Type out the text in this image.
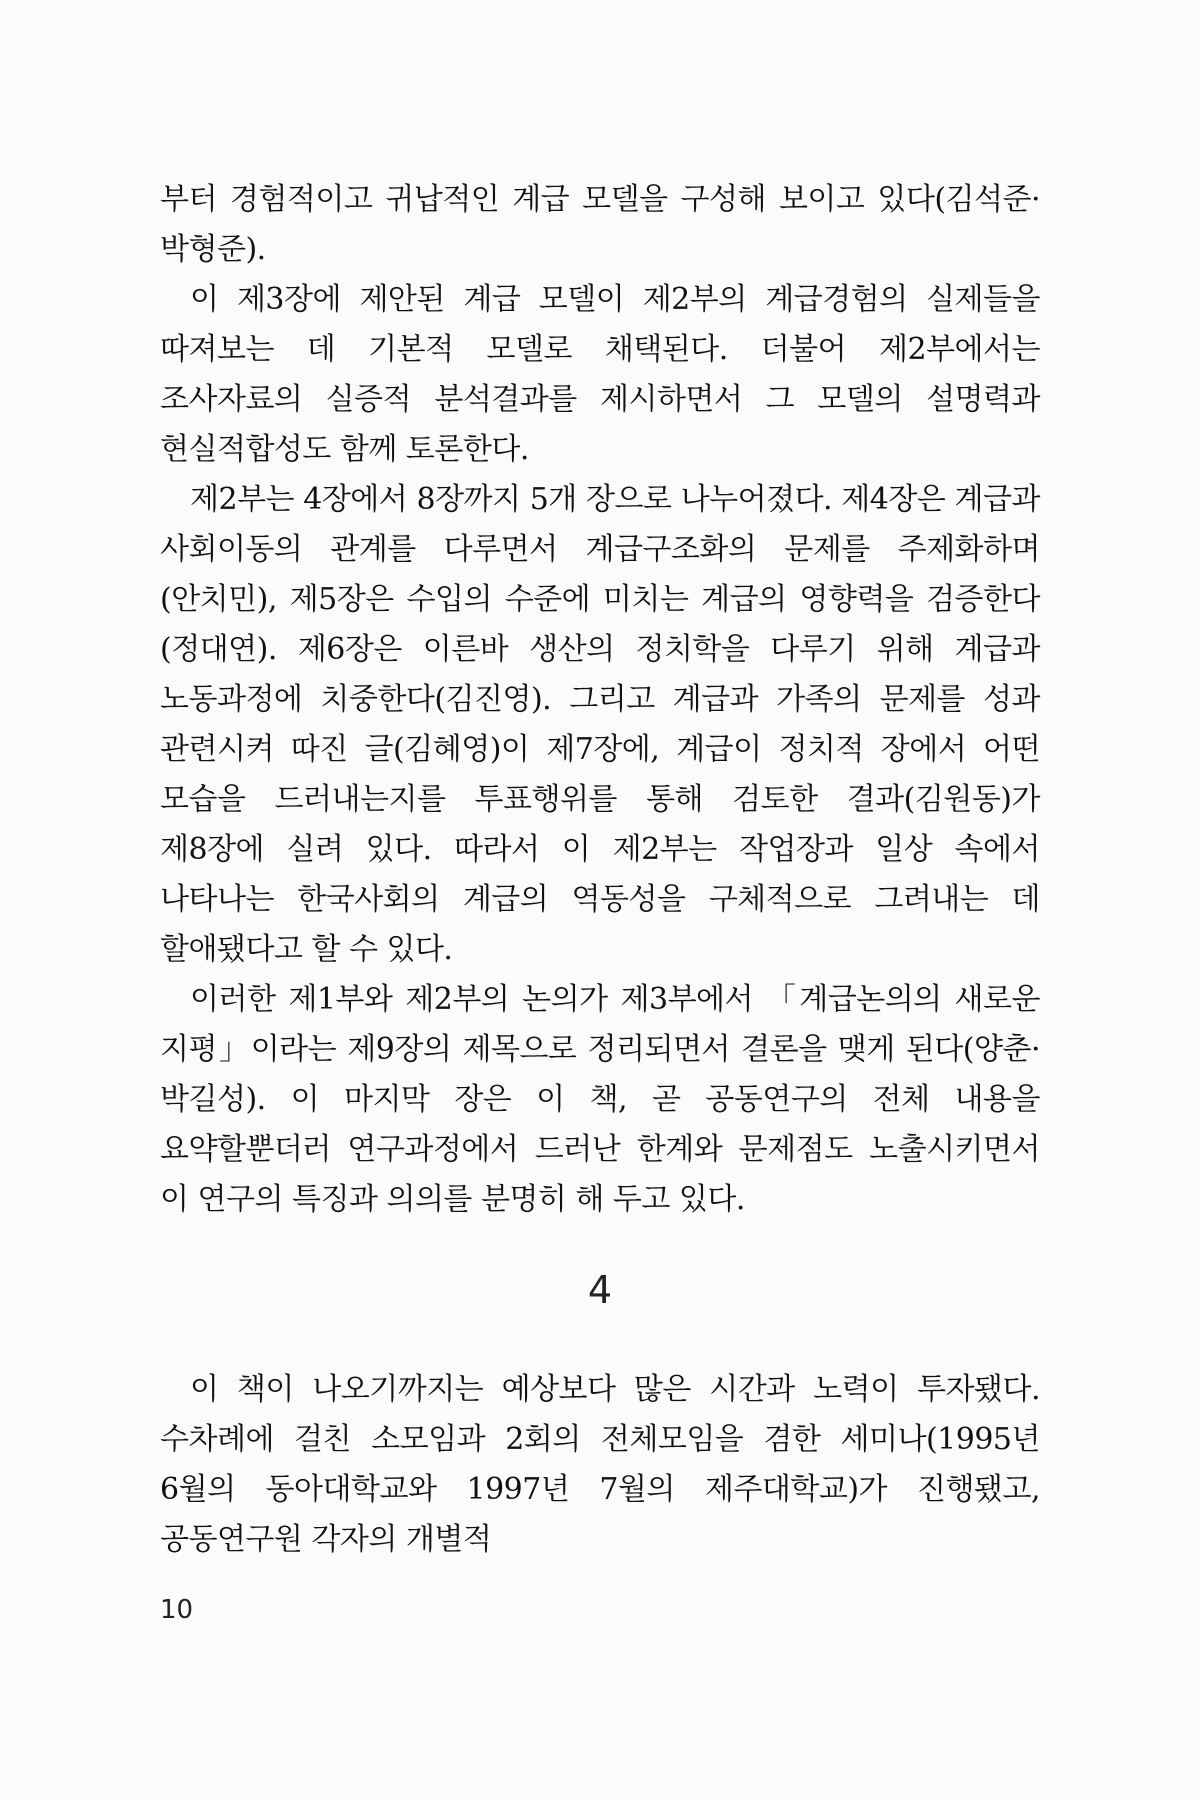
부터 경험적이고 귀납적인 계급 모델을 구성해 보이고 있다(김석준·박형준).

이 제3장에 제안된 계급 모델이 제2부의 계급경험의 실제들을 따져보는 데 기본적 모델로 채택된다. 더불어 제2부에서는 조사자료의 실증적 분석결과를 제시하면서 그 모델의 설명력과 현실적합성도 함께 토론한다.

제2부는 4장에서 8장까지 5개 장으로 나누어졌다. 제4장은 계급과 사회이동의 관계를 다루면서 계급구조화의 문제를 주제화하며(안치민), 제5장은 수입의 수준에 미치는 계급의 영향력을 검증한다(정대연). 제6장은 이른바 생산의 정치학을 다루기 위해 계급과 노동과정에 치중한다(김진영). 그리고 계급과 가족의 문제를 성과 관련시켜 따진 글(김혜영)이 제7장에, 계급이 정치적 장에서 어떤 모습을 드러내는지를 투표행위를 통해 검토한 결과(김원동)가 제8장에 실려 있다. 따라서 이 제2부는 작업장과 일상 속에서 나타나는 한국사회의 계급의 역동성을 구체적으로 그려내는 데 할애됐다고 할 수 있다.

이러한 제1부와 제2부의 논의가 제3부에서 「계급논의의 새로운 지평」이라는 제9장의 제목으로 정리되면서 결론을 맺게 된다(양춘·박길성). 이 마지막 장은 이 책, 곧 공동연구의 전체 내용을 요약할뿐더러 연구과정에서 드러난 한계와 문제점도 노출시키면서 이 연구의 특징과 의의를 분명히 해 두고 있다.

4

이 책이 나오기까지는 예상보다 많은 시간과 노력이 투자됐다. 수차례에 걸친 소모임과 2회의 전체모임을 겸한 세미나(1995년 6월의 동아대학교와 1997년 7월의 제주대학교)가 진행됐고, 공동연구원 각자의 개별적

10
